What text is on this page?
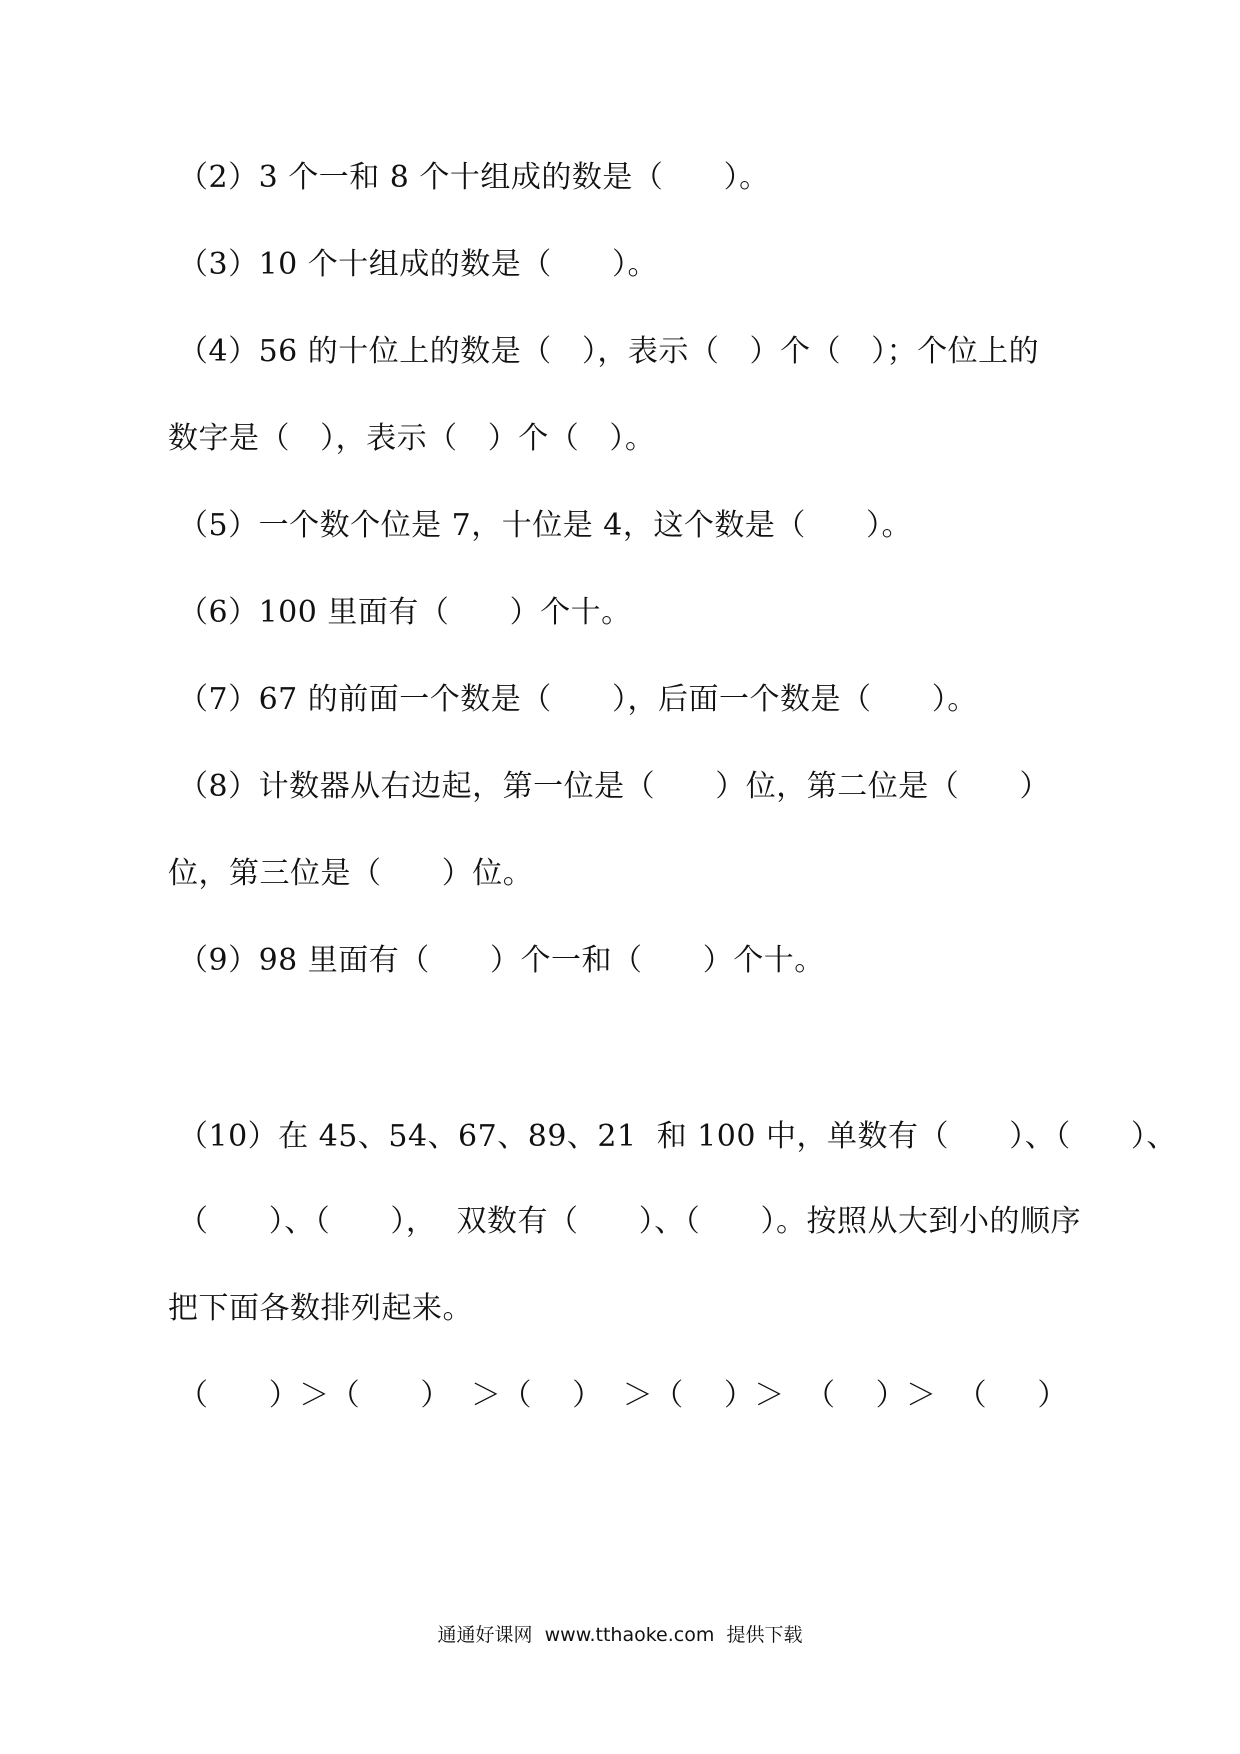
（2）3 个一和 8 个十组成的数是（      ）。
（3）10 个十组成的数是（      ）。
（4）56 的十位上的数是（   ），表示（   ）个（   ）；个位上的
数字是（   ），表示（   ）个（   ）。
（5）一个数个位是 7，十位是 4，这个数是（      ）。
（6）100 里面有（      ）个十。
（7）67 的前面一个数是（      ），后面一个数是（      ）。
（8）计数器从右边起，第一位是（      ）位，第二位是（      ）
位，第三位是（      ）位。
（9）98 里面有（      ）个一和（      ）个十。
（10）在 45、54、67、89、21  和 100 中，单数有（      ）、（      ）、
（      ）、（      ），  双数有（      ）、（      ）。按照从大到小的顺序
把下面各数排列起来。
（      ）＞（      ）  ＞（    ）  ＞（    ）＞  （    ）＞  （     ）
通通好课网  www.tthaoke.com  提供下载
